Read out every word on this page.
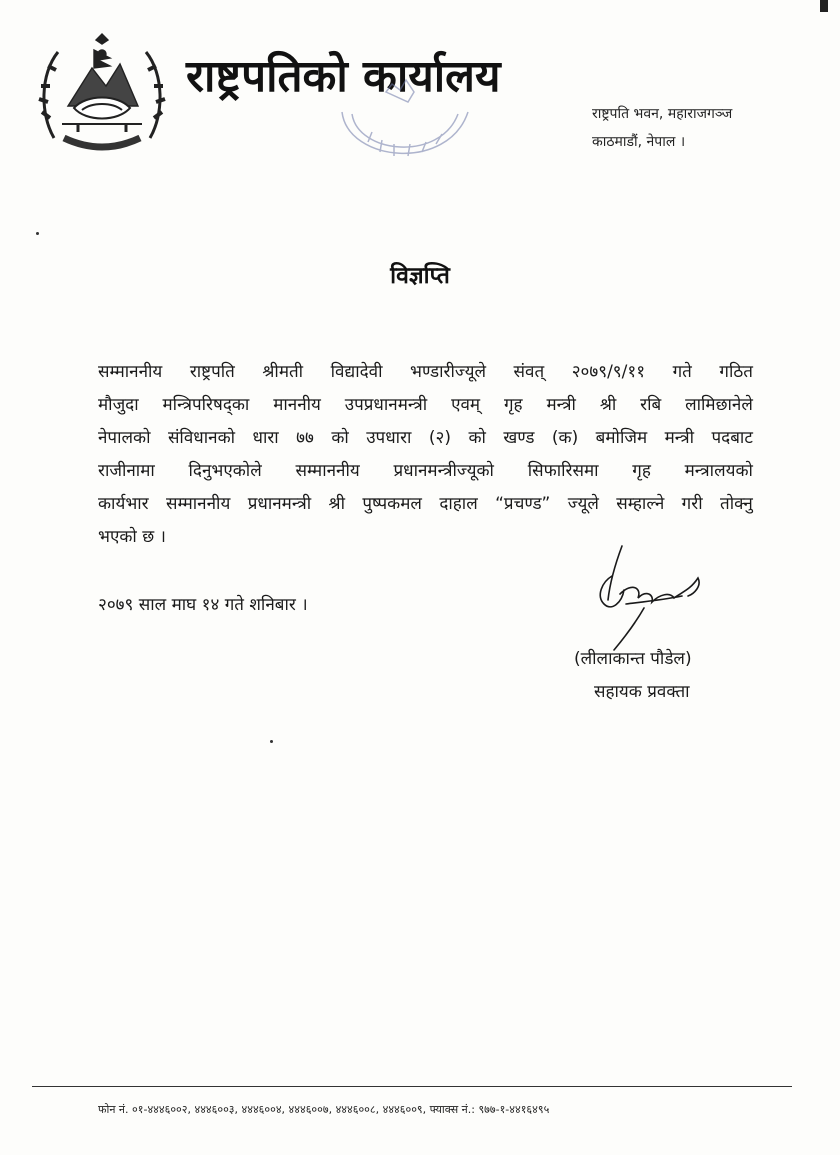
राष्ट्रपतिको कार्यालय
राष्ट्रपति भवन, महाराजगञ्ज
काठमाडौं, नेपाल ।
विज्ञप्ति
सम्माननीय राष्ट्रपति श्रीमती विद्यादेवी भण्डारीज्यूले संवत् २०७९/९/११ गते गठित
मौजुदा मन्त्रिपरिषद्का माननीय उपप्रधानमन्त्री एवम् गृह मन्त्री श्री रबि लामिछानेले
नेपालको संविधानको धारा ७७ को उपधारा (२) को खण्ड (क) बमोजिम मन्त्री पदबाट
राजीनामा दिनुभएकोले सम्माननीय प्रधानमन्त्रीज्यूको सिफारिसमा गृह मन्त्रालयको
कार्यभार सम्माननीय प्रधानमन्त्री श्री पुष्पकमल दाहाल “प्रचण्ड” ज्यूले सम्हाल्ने गरी तोक्नु
भएको छ ।
२०७९ साल माघ १४ गते शनिबार ।
(लीलाकान्त पौडेल)
सहायक प्रवक्ता
फोन नं. ०१-४४४६००२, ४४४६००३, ४४४६००४, ४४४६००७, ४४४६००८, ४४४६००९, फ्याक्स नं.: ९७७-१-४४१६४९५
